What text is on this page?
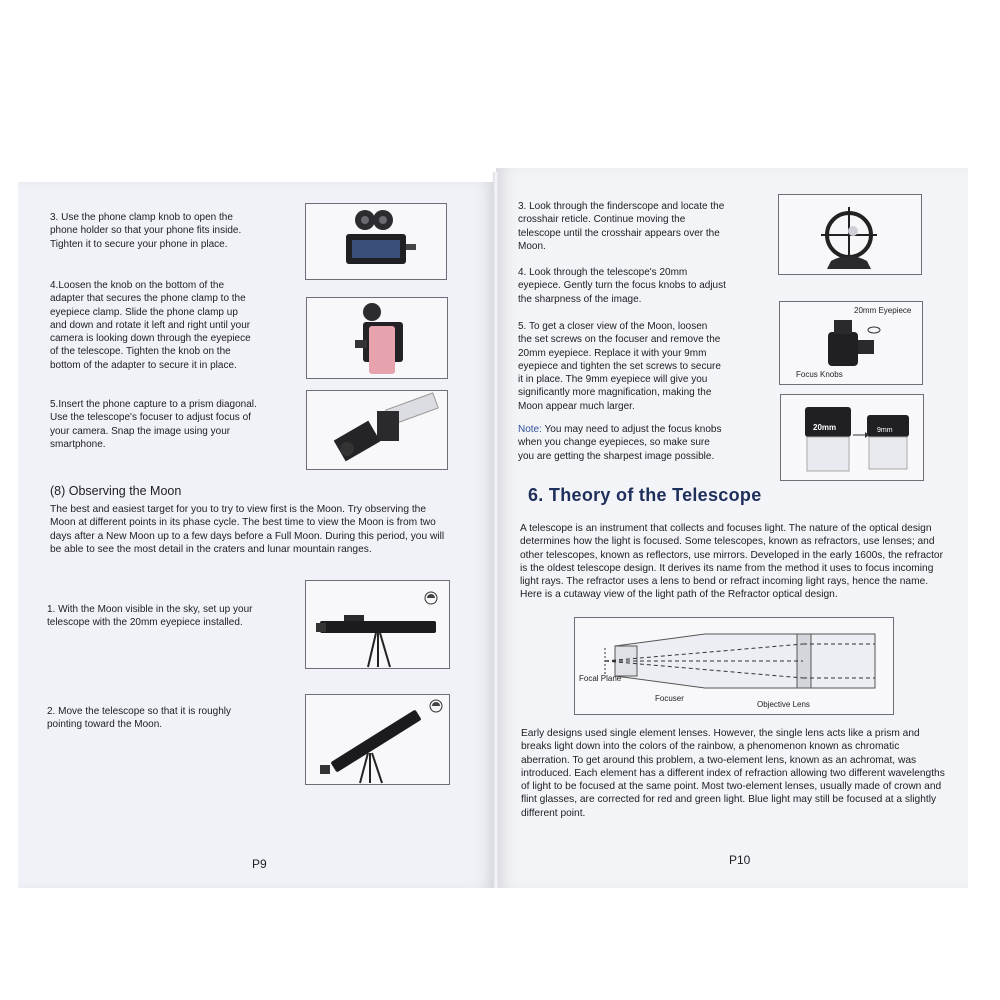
3. Use the phone clamp knob to open the
phone holder so that your phone fits inside.
Tighten it to secure your phone in place.
4.Loosen the knob on the bottom of the
adapter that secures the phone clamp to the
eyepiece clamp. Slide the phone clamp up
and down and rotate it left and right until your
camera is looking down through the eyepiece
of the telescope. Tighten the knob on the
bottom of the adapter to secure it in place.
5.Insert the phone capture to a prism diagonal.
Use the telescope's focuser to adjust focus of
your camera. Snap the image using your
smartphone.
(8) Observing the Moon
The best and easiest target for you to try to view first is the Moon. Try observing the
Moon at different points in its phase cycle. The best time to view the Moon is from two
days after a New Moon up to a few days before a Full Moon. During this period, you will
be able to see the most detail in the craters and lunar mountain ranges.
1. With the Moon visible in the sky, set up your
telescope with the 20mm eyepiece installed.
2. Move the telescope so that it is roughly
pointing toward the Moon.
P9
3. Look through the finderscope and locate the
crosshair reticle. Continue moving the
telescope until the crosshair appears over the
Moon.
4. Look through the telescope's 20mm
eyepiece. Gently turn the focus knobs to adjust
the sharpness of the image.
5. To get a closer view of the Moon, loosen
the set screws on the focuser and remove the
20mm eyepiece. Replace it with your 9mm
eyepiece and tighten the set screws to secure
it in place. The 9mm eyepiece will give you
significantly more magnification, making the
Moon appear much larger.
Note: You may need to adjust the focus knobs
when you change eyepieces, so make sure
you are getting the sharpest image possible.
20mm Eyepiece
Focus Knobs
20mm	9mm
6. Theory of the Telescope
A telescope is an instrument that collects and focuses light. The nature of the optical design
determines how the light is focused. Some telescopes, known as refractors, use lenses; and
other telescopes, known as reflectors, use mirrors. Developed in the early 1600s, the refractor
is the oldest telescope design. It derives its name from the method it uses to focus incoming
light rays. The refractor uses a lens to bend or refract incoming light rays, hence the name.
Here is a cutaway view of the light path of the Refractor optical design.
Focal Plane
Focuser
Objective Lens
Early designs used single element lenses. However, the single lens acts like a prism and
breaks light down into the colors of the rainbow, a phenomenon known as chromatic
aberration. To get around this problem, a two-element lens, known as an achromat, was
introduced. Each element has a different index of refraction allowing two different wavelengths
of light to be focused at the same point. Most two-element lenses, usually made of crown and
flint glasses, are corrected for red and green light. Blue light may still be focused at a slightly
different point.
P10
